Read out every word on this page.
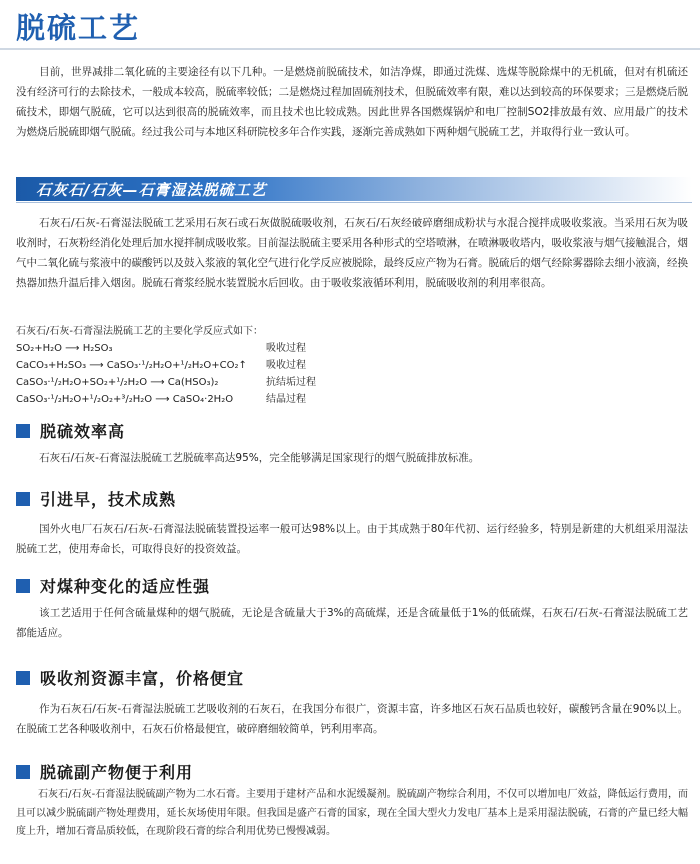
脱硫工艺

目前，世界减排二氧化硫的主要途径有以下几种。一是燃烧前脱硫技术，如洁净煤，即通过洗煤、选煤等脱除煤中的无机硫，但对有机硫还没有经济可行的去除技术，一般成本较高，脱硫率较低；二是燃烧过程加固硫剂技术，但脱硫效率有限，难以达到较高的环保要求；三是燃烧后脱硫技术，即烟气脱硫，它可以达到很高的脱硫效率，而且技术也比较成熟。因此世界各国燃煤锅炉和电厂控制SO2排放最有效、应用最广的技术为燃烧后脱硫即烟气脱硫。经过我公司与本地区科研院校多年合作实践，逐渐完善成熟如下两种烟气脱硫工艺，并取得行业一致认可。

石灰石/石灰—石膏湿法脱硫工艺

石灰石/石灰-石膏湿法脱硫工艺采用石灰石或石灰做脱硫吸收剂，石灰石/石灰经破碎磨细成粉状与水混合搅拌成吸收浆液。当采用石灰为吸收剂时，石灰粉经消化处理后加水搅拌制成吸收浆。目前湿法脱硫主要采用各种形式的空塔喷淋，在喷淋吸收塔内，吸收浆液与烟气接触混合，烟气中二氧化硫与浆液中的碳酸钙以及鼓入浆液的氧化空气进行化学反应被脱除，最终反应产物为石膏。脱硫后的烟气经除雾器除去细小液滴，经换热器加热升温后排入烟囱。脱硫石膏浆经脱水装置脱水后回收。由于吸收浆液循环利用，脱硫吸收剂的利用率很高。

石灰石/石灰-石膏湿法脱硫工艺的主要化学反应式如下：
SO₂+H₂O ⟶ H₂SO₃	吸收过程
CaCO₃+H₂SO₃ ⟶ CaSO₃·¹/₂H₂O+¹/₂H₂O+CO₂↑	吸收过程
CaSO₃·¹/₂H₂O+SO₂+¹/₂H₂O ⟶ Ca(HSO₃)₂	抗结垢过程
CaSO₃·¹/₂H₂O+¹/₂O₂+³/₂H₂O ⟶ CaSO₄·2H₂O	结晶过程
脱硫效率高

石灰石/石灰-石膏湿法脱硫工艺脱硫率高达95%，完全能够满足国家现行的烟气脱硫排放标准。

引进早，技术成熟

国外火电厂石灰石/石灰-石膏湿法脱硫装置投运率一般可达98%以上。由于其成熟于80年代初、运行经验多，特别是新建的大机组采用湿法脱硫工艺，使用寿命长，可取得良好的投资效益。

对煤种变化的适应性强

该工艺适用于任何含硫量煤种的烟气脱硫，无论是含硫量大于3%的高硫煤，还是含硫量低于1%的低硫煤，石灰石/石灰-石膏湿法脱硫工艺都能适应。

吸收剂资源丰富，价格便宜

作为石灰石/石灰-石膏湿法脱硫工艺吸收剂的石灰石，在我国分布很广，资源丰富，许多地区石灰石品质也较好，碳酸钙含量在90%以上。在脱硫工艺各种吸收剂中，石灰石价格最便宜，破碎磨细较简单，钙利用率高。

脱硫副产物便于利用

石灰石/石灰-石膏湿法脱硫副产物为二水石膏。主要用于建材产品和水泥缓凝剂。脱硫副产物综合利用，不仅可以增加电厂效益，降低运行费用，而且可以减少脱硫副产物处理费用，延长灰场使用年限。但我国是盛产石膏的国家，现在全国大型火力发电厂基本上是采用湿法脱硫，石膏的产量已经大幅度上升，增加石膏品质较低，在现阶段石膏的综合利用优势已慢慢减弱。
